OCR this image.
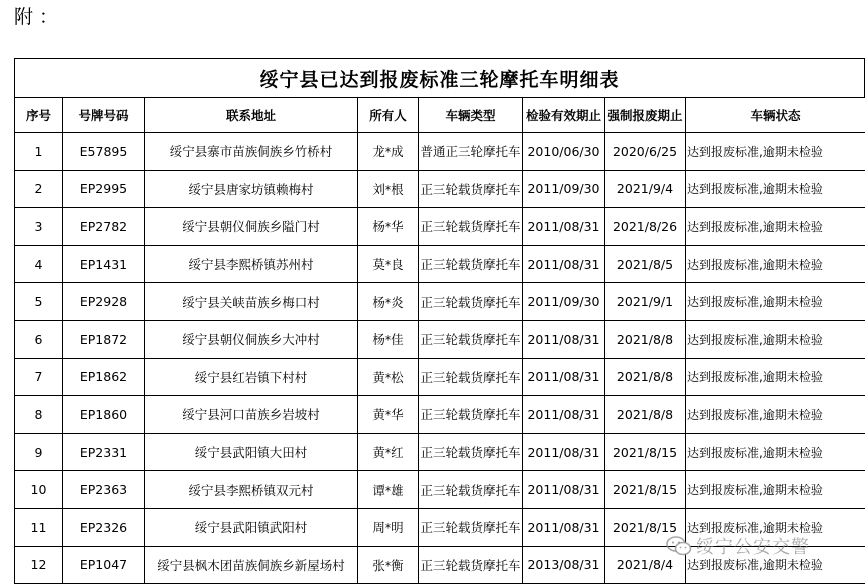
附：
绥宁县已达到报废标准三轮摩托车明细表
序号	号牌号码	联系地址	所有人	车辆类型	检验有效期止	强制报废期止	车辆状态
1	E57895	绥宁县寨市苗族侗族乡竹桥村	龙*成	普通正三轮摩托车	2010/06/30	2020/6/25	达到报废标准,逾期未检验
2	EP2995	绥宁县唐家坊镇赖梅村	刘*根	正三轮载货摩托车	2011/09/30	2021/9/4	达到报废标准,逾期未检验
3	EP2782	绥宁县朝仪侗族乡隘门村	杨*华	正三轮载货摩托车	2011/08/31	2021/8/26	达到报废标准,逾期未检验
4	EP1431	绥宁县李熙桥镇苏州村	莫*良	正三轮载货摩托车	2011/08/31	2021/8/5	达到报废标准,逾期未检验
5	EP2928	绥宁县关峡苗族乡梅口村	杨*炎	正三轮载货摩托车	2011/09/30	2021/9/1	达到报废标准,逾期未检验
6	EP1872	绥宁县朝仪侗族乡大冲村	杨*佳	正三轮载货摩托车	2011/08/31	2021/8/8	达到报废标准,逾期未检验
7	EP1862	绥宁县红岩镇下村村	黄*松	正三轮载货摩托车	2011/08/31	2021/8/8	达到报废标准,逾期未检验
8	EP1860	绥宁县河口苗族乡岩坡村	黄*华	正三轮载货摩托车	2011/08/31	2021/8/8	达到报废标准,逾期未检验
9	EP2331	绥宁县武阳镇大田村	黄*红	正三轮载货摩托车	2011/08/31	2021/8/15	达到报废标准,逾期未检验
10	EP2363	绥宁县李熙桥镇双元村	谭*雄	正三轮载货摩托车	2011/08/31	2021/8/15	达到报废标准,逾期未检验
11	EP2326	绥宁县武阳镇武阳村	周*明	正三轮载货摩托车	2011/08/31	2021/8/15	达到报废标准,逾期未检验
12	EP1047	绥宁县枫木团苗族侗族乡新屋场村	张*衡	正三轮载货摩托车	2013/08/31	2021/8/4	达到报废标准,逾期未检验
绥宁公安交警
